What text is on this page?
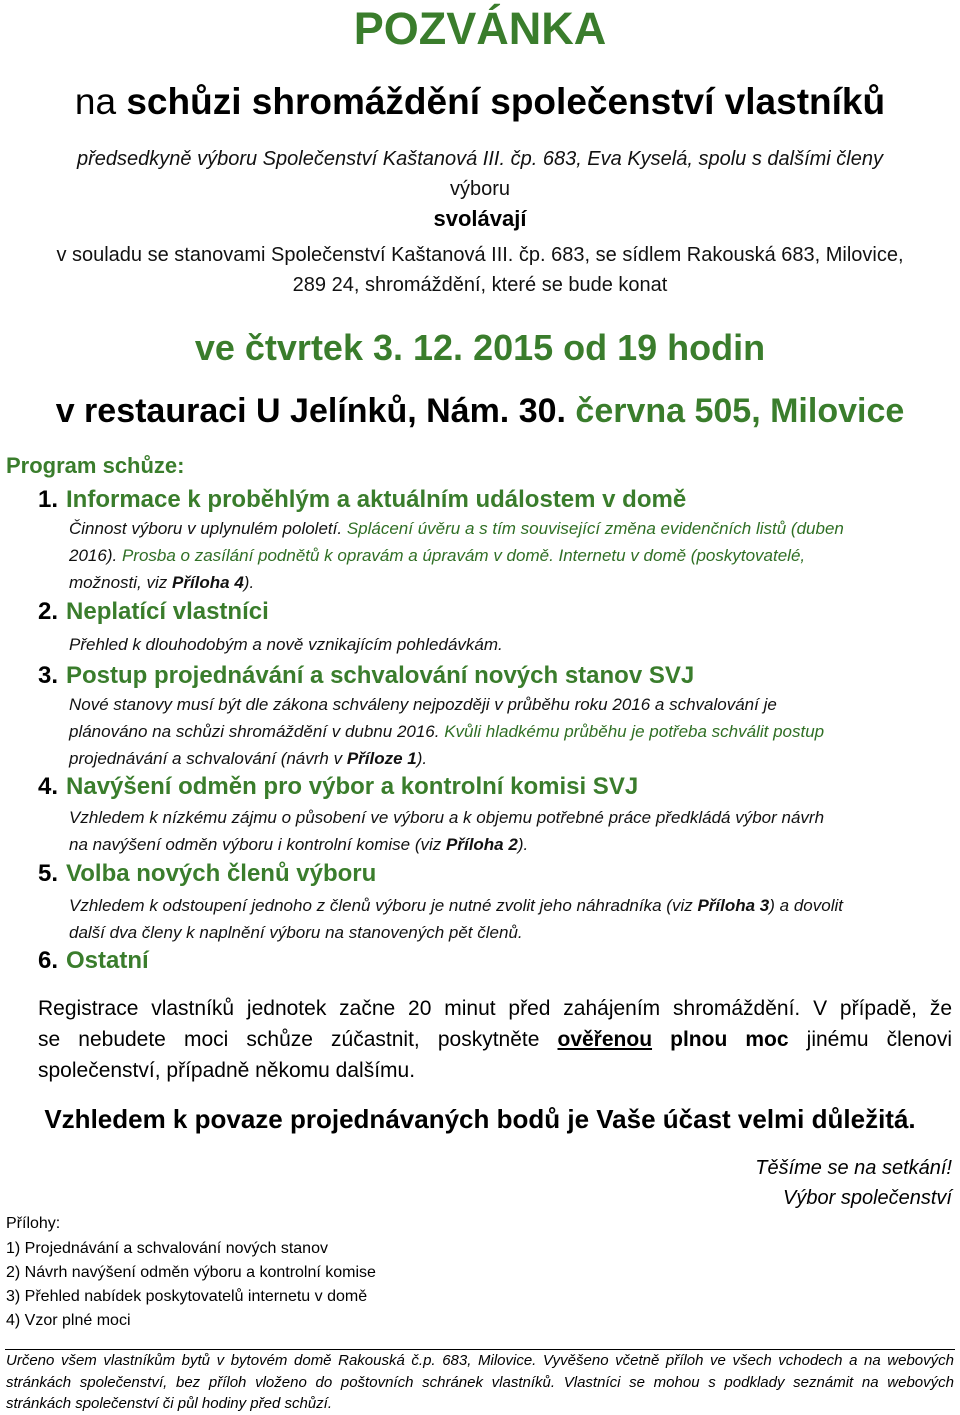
POZVÁNKA
na schůzi shromáždění společenství vlastníků
předsedkyně výboru Společenství Kaštanová III. čp. 683, Eva Kyselá, spolu s dalšími členy
výboru
svolávají
v souladu se stanovami Společenství Kaštanová III. čp. 683, se sídlem Rakouská 683, Milovice,
289 24, shromáždění, které se bude konat
ve čtvrtek 3. 12. 2015 od 19 hodin
v restauraci U Jelínků, Nám. 30. června 505, Milovice
Program schůze:
1. Informace k proběhlým a aktuálním událostem v domě
Činnost výboru v uplynulém pololetí. Splácení úvěru a s tím související změna evidenčních listů (duben
2016). Prosba o zasílání podnětů k opravám a úpravám v domě. Internetu v domě (poskytovatelé,
možnosti, viz Příloha 4).
2. Neplatící vlastníci
Přehled k dlouhodobým a nově vznikajícím pohledávkám.
3. Postup projednávání a schvalování nových stanov SVJ
Nové stanovy musí být dle zákona schváleny nejpozději v průběhu roku 2016 a schvalování je
plánováno na schůzi shromáždění v dubnu 2016. Kvůli hladkému průběhu je potřeba schválit postup
projednávání a schvalování (návrh v Příloze 1).
4. Navýšení odměn pro výbor a kontrolní komisi SVJ
Vzhledem k nízkému zájmu o působení ve výboru a k objemu potřebné práce předkládá výbor návrh
na navýšení odměn výboru i kontrolní komise (viz Příloha 2).
5. Volba nových členů výboru
Vzhledem k odstoupení jednoho z členů výboru je nutné zvolit jeho náhradníka (viz Příloha 3) a dovolit
další dva členy k naplnění výboru na stanovených pět členů.
6. Ostatní
Registrace vlastníků jednotek začne 20 minut před zahájením shromáždění. V případě, že
se nebudete moci schůze zúčastnit, poskytněte ověřenou plnou moc jinému členovi
společenství, případně někomu dalšímu.
Vzhledem k povaze projednávaných bodů je Vaše účast velmi důležitá.
Těšíme se na setkání!
Výbor společenství
Přílohy:
1) Projednávání a schvalování nových stanov
2) Návrh navýšení odměn výboru a kontrolní komise
3) Přehled nabídek poskytovatelů internetu v domě
4) Vzor plné moci
Určeno všem vlastníkům bytů v bytovém domě Rakouská č.p. 683, Milovice. Vyvěšeno včetně příloh ve všech vchodech a na webových
stránkách společenství, bez příloh vloženo do poštovních schránek vlastníků. Vlastníci se mohou s podklady seznámit na webových
stránkách společenství či půl hodiny před schůzí.
